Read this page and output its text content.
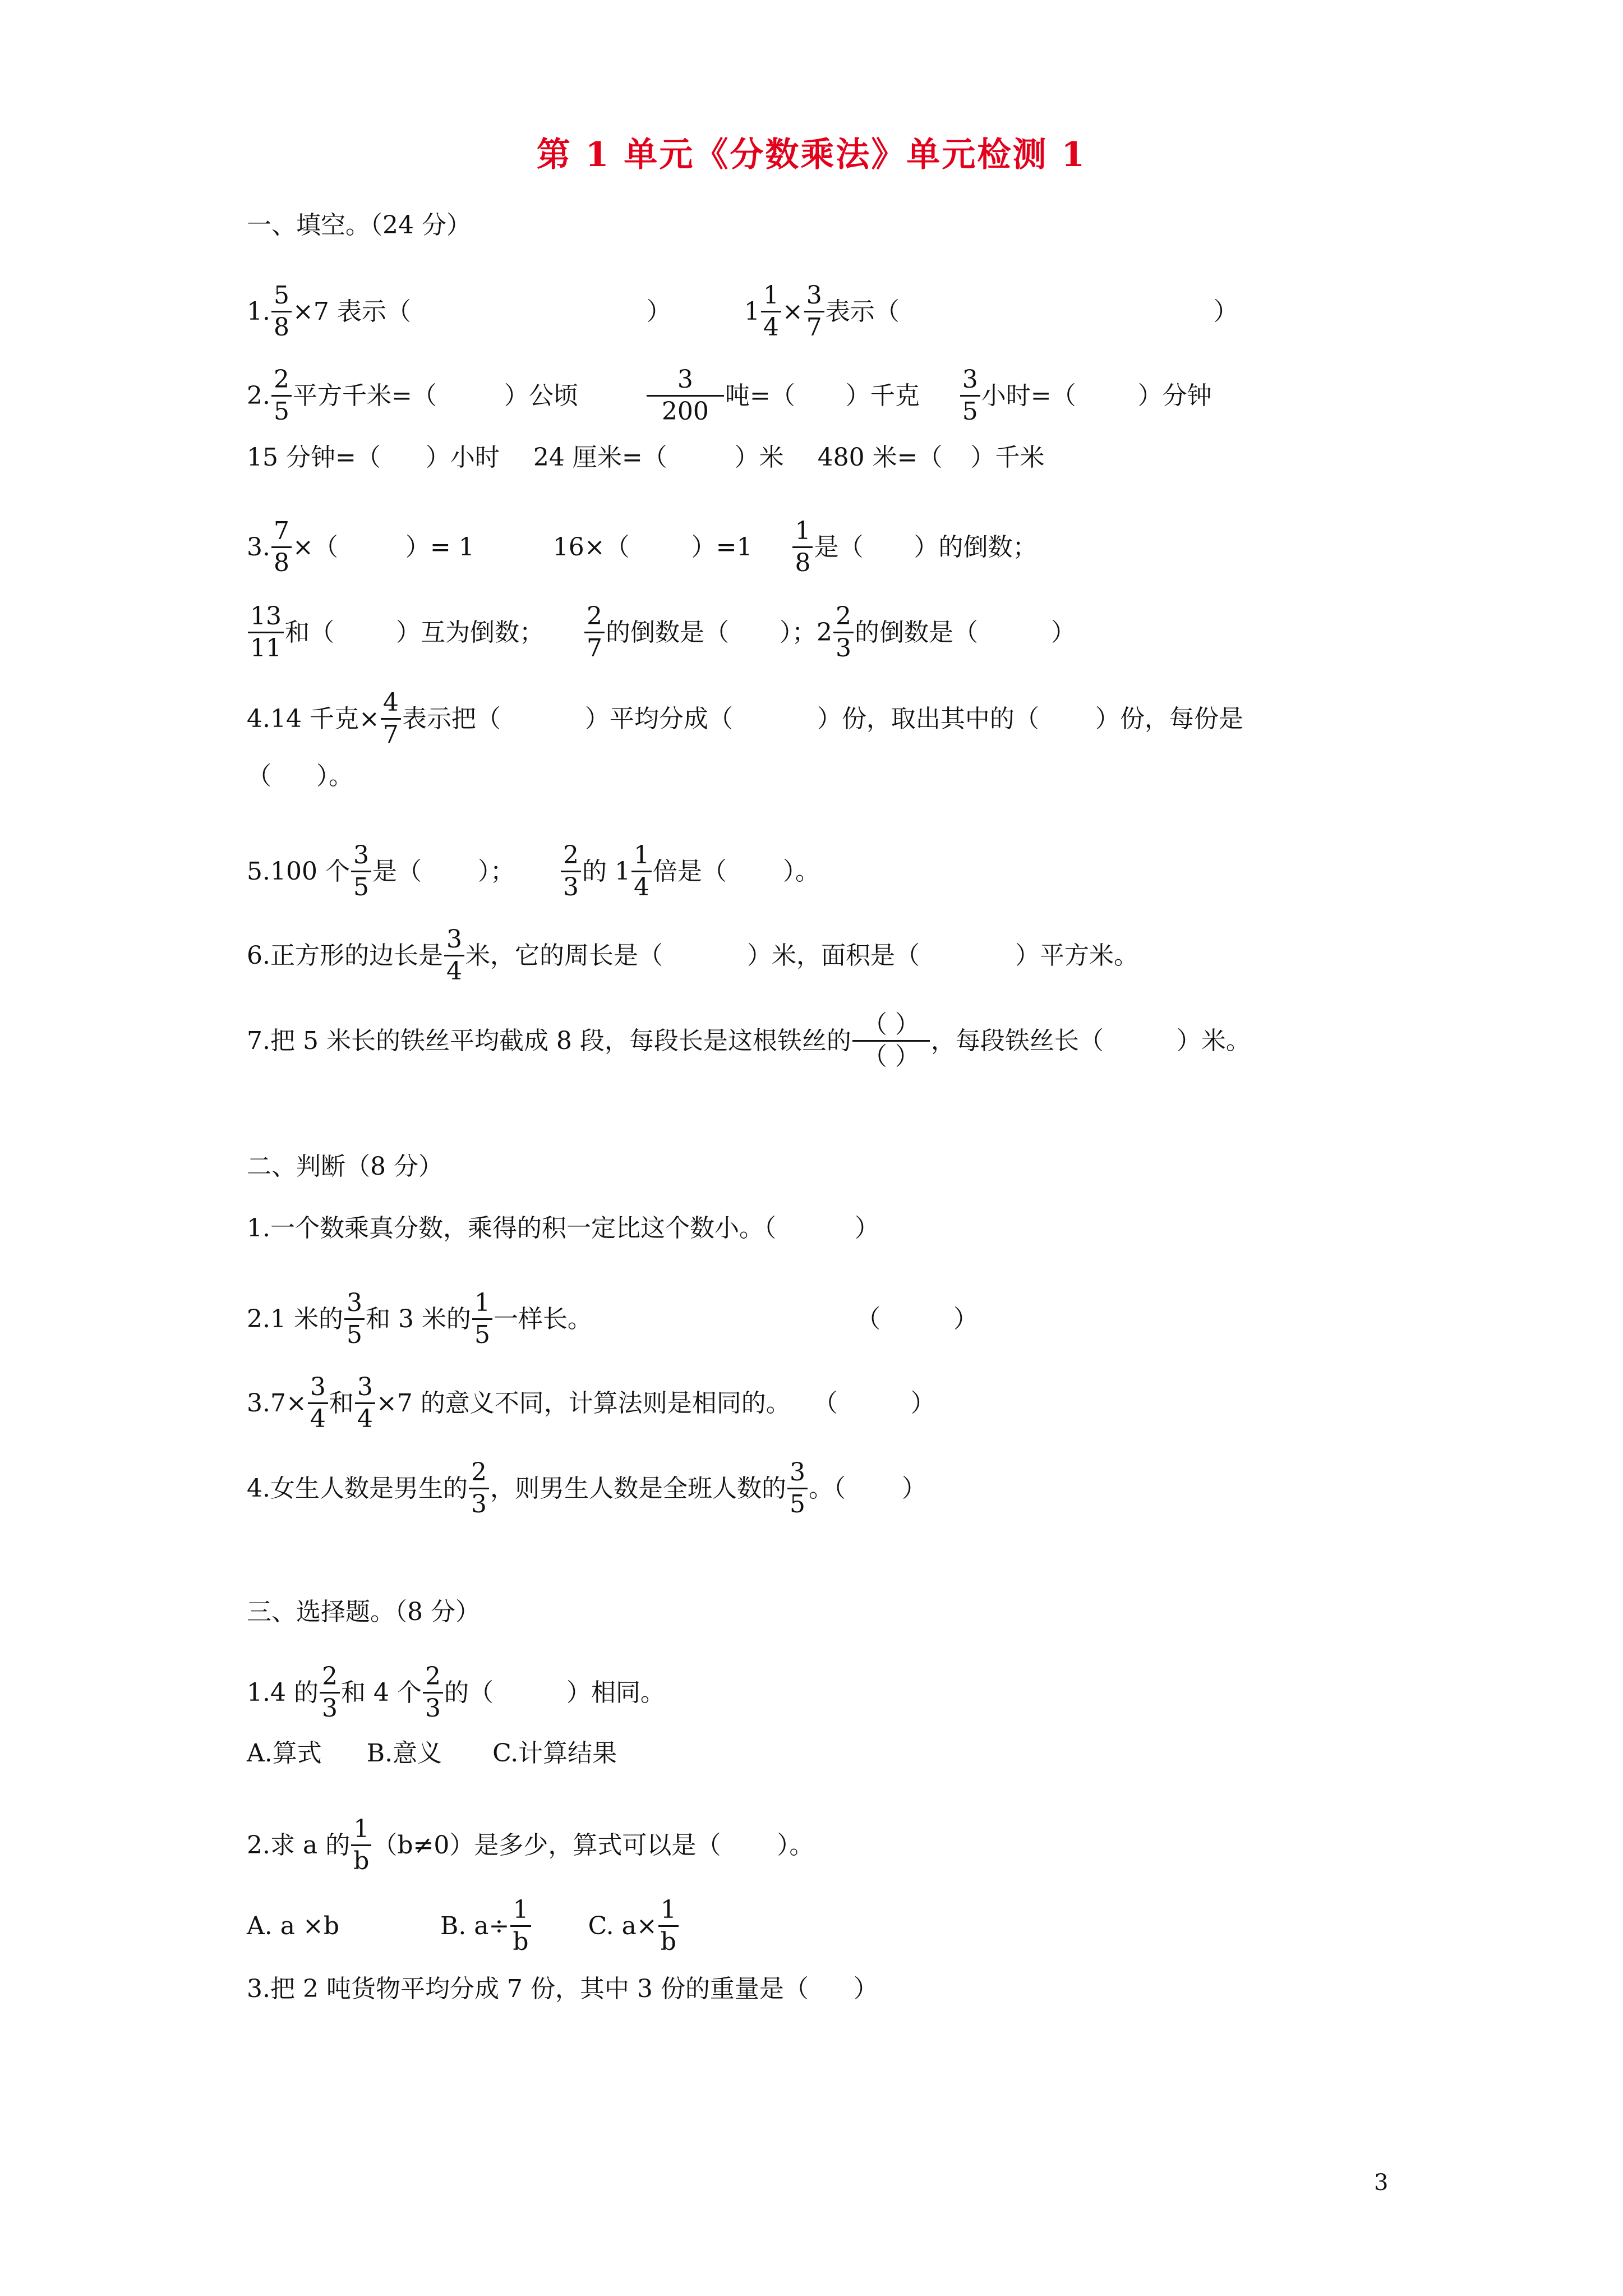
第 1 单元《分数乘法》单元检测 1
一、填空。（24 分）
1. $\frac{5}{8} \times 7$ 表示（	）	$1 \frac{1}{4} \times \frac{3}{7}$ 表示（	）
2. $\frac{2}{5}$ 平方千米=（	）公顷	$\frac{3}{200}$ 吨=（ ）千克 $\frac{3}{5}$ 小时=（	）分钟
15 分钟=（ ）小时 24 厘米=（	）米 480 米=（ ）千米
3. $\frac{7}{8}$ ×（	）= 1	16×（	）$=1 \frac{1}{8}$ 是（ ）的倒数；
$\frac{13}{11}$ 和（	）互为倒数； $\frac{2}{7}$ 的倒数是（ ）；$2 \frac{2}{3}$ 的倒数是（	）
4. 14 千克× $\frac{4}{7}$ 表示把（	）平均分成（	）份，取出其中的（ ）份，每份是
（ ）。
5. 100 个 $\frac{3}{5}$ 是（ ）； $\frac{2}{3}$ 的 $1 \frac{1}{4}$ 倍是（ ）。
6. 正方形的边长是 $\frac{3}{4}$ 米，它的周长是（	）米，面积是（	）平方米。
7. 把 5 米长的铁丝平均截成 8 段，每段长是这根铁丝的 $\frac{( )}{( )}$ ，每段铁丝长（	）米。
二、判断（8 分）
1. 一个数乘真分数，乘得的积一定比这个数小。（	）
2. 1 米的 $\frac{3}{5}$ 和 3 米的 $\frac{1}{5}$ 一样长。	（	）
3. $7\times \frac{3}{4}$ 和 $\frac{3}{4} \times 7$ 的意义不同，计算法则是相同的。 （	）
4. 女生人数是男生的 $\frac{2}{3}$ ，则男生人数是全班人数的 $\frac{3}{5}$ 。（ ）
三、选择题。（8 分）
1. 4 的 $\frac{2}{3}$ 和 4 个 $\frac{2}{3}$ 的（	）相同。
A.算式 B.意义 C.计算结果
2. 求 a 的 $\frac{1}{b} (b\ne 0)$是多少，算式可以是（ ）。
A. a ×b	B. $a\div \frac{1}{b} C$. $a\times \frac{1}{b}$
3. 把 2 吨货物平均分成 7 份，其中 3 份的重量是（ ）
3
